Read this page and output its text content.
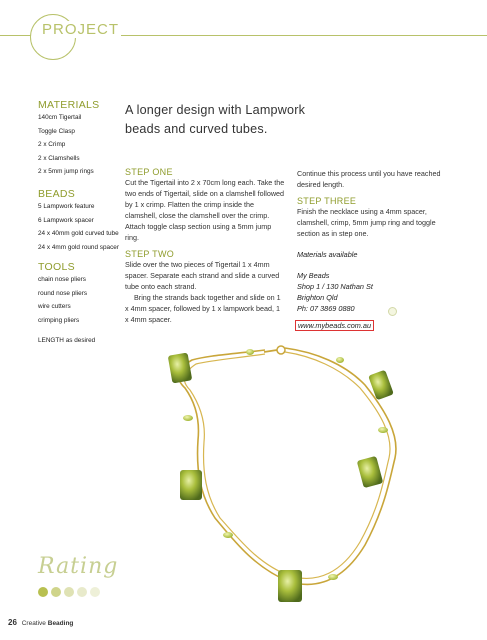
PROJECT
MATERIALS
140cm Tigertail
Toggle Clasp
2 x Crimp
2 x Clamshells
2 x 5mm jump rings
BEADS
5 Lampwork feature
6 Lampwork spacer
24 x 40mm gold curved tube
24 x 4mm gold round spacer
TOOLS
chain nose pliers
round nose pliers
wire cutters
crimping pliers
LENGTH as desired
A longer design with Lampwork beads and curved tubes.
STEP ONE
Cut the Tigertail into 2 x 70cm long each. Take the two ends of Tigertail, slide on a clamshell followed by 1 x crimp. Flatten the crimp inside the clamshell, close the clamshell over the crimp. Attach toggle clasp section using a 5mm jump ring.
STEP TWO
Slide over the two pieces of Tigertail 1 x 4mm spacer. Separate each strand and slide a curved tube onto each strand.
Bring the strands back together and slide on 1 x 4mm spacer, followed by 1 x lampwork bead, 1 x 4mm spacer.
Continue this process until you have reached desired length.
STEP THREE
Finish the necklace using a 4mm spacer, clamshell, crimp, 5mm jump ring and toggle section as in step one.
Materials available
My Beads
Shop 1 / 130 Nathan St
Brighton Qld
Ph: 07 3869 0880
www.mybeads.com.au
Rating
26 Creative Beading
